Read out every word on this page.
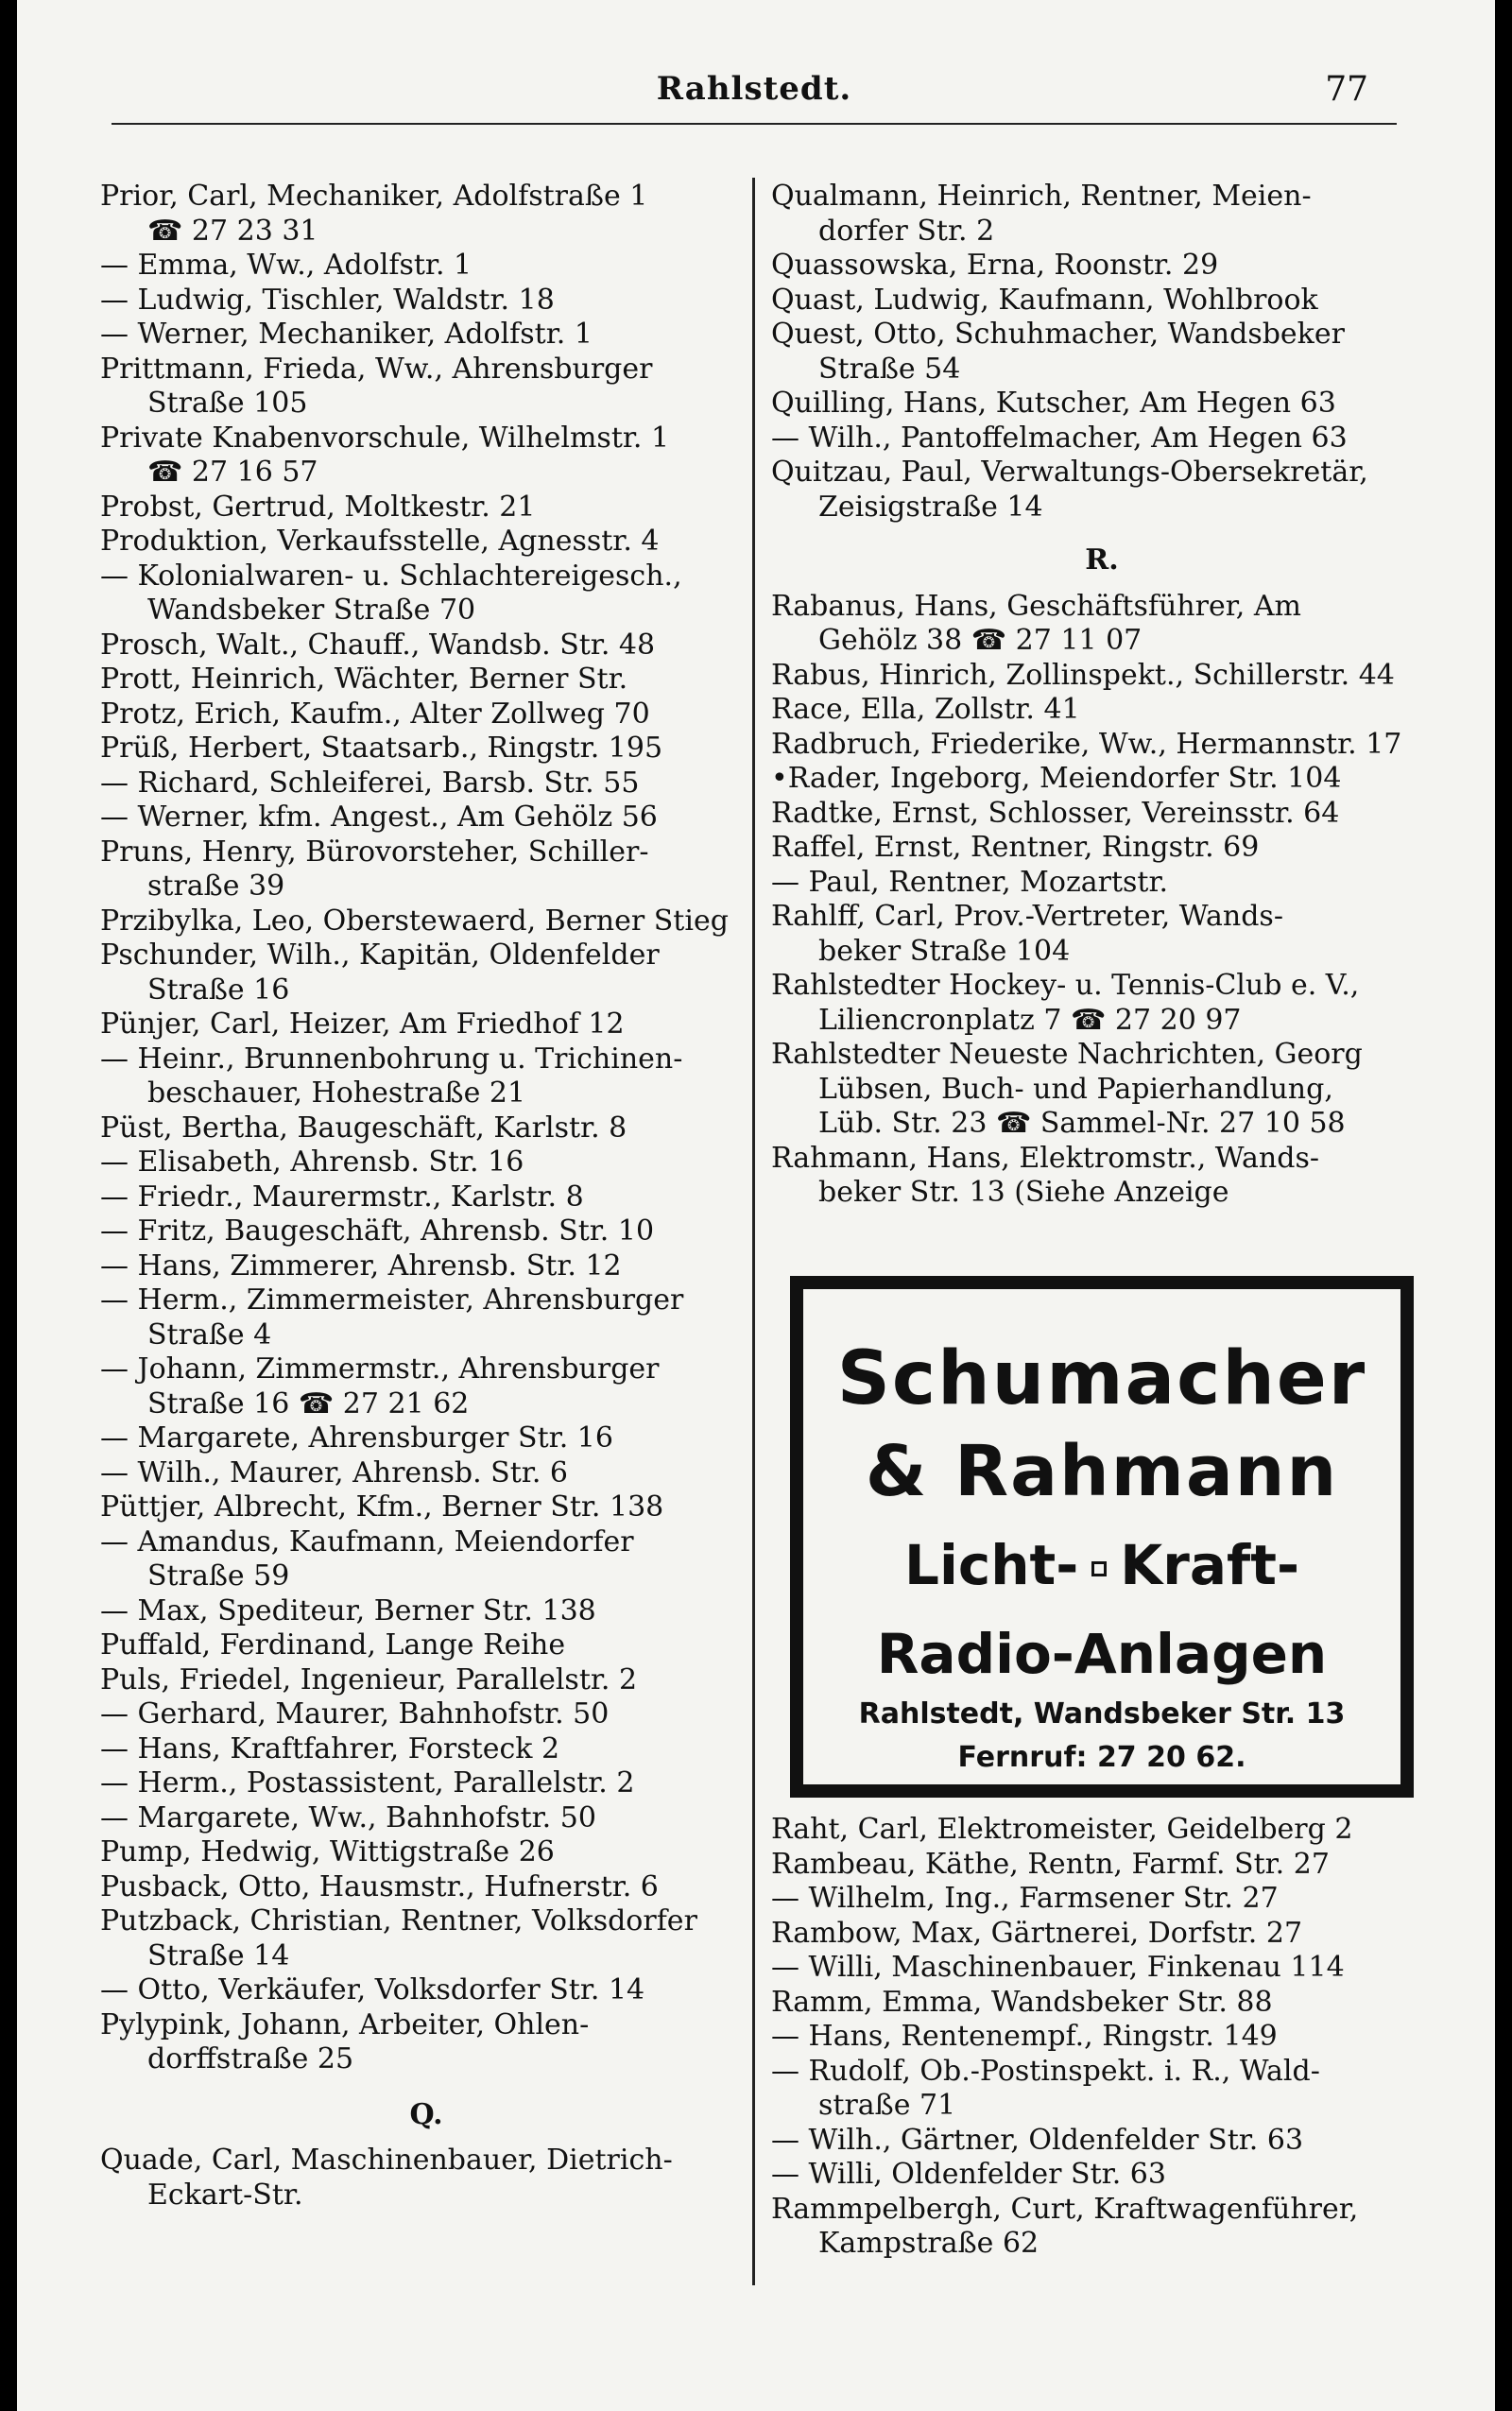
Rahlstedt.	77
Prior, Carl, Mechaniker, Adolfstraße 1
☎ 27 23 31
— Emma, Ww., Adolfstr. 1
— Ludwig, Tischler, Waldstr. 18
— Werner, Mechaniker, Adolfstr. 1
Prittmann, Frieda, Ww., Ahrensburger
Straße 105
Private Knabenvorschule, Wilhelmstr. 1
☎ 27 16 57
Probst, Gertrud, Moltkestr. 21
Produktion, Verkaufsstelle, Agnesstr. 4
— Kolonialwaren- u. Schlachtereigesch.,
Wandsbeker Straße 70
Prosch, Walt., Chauff., Wandsb. Str. 48
Prott, Heinrich, Wächter, Berner Str.
Protz, Erich, Kaufm., Alter Zollweg 70
Prüß, Herbert, Staatsarb., Ringstr. 195
— Richard, Schleiferei, Barsb. Str. 55
— Werner, kfm. Angest., Am Gehölz 56
Pruns, Henry, Bürovorsteher, Schiller-
straße 39
Przibylka, Leo, Oberstewaerd, Berner Stieg
Pschunder, Wilh., Kapitän, Oldenfelder
Straße 16
Pünjer, Carl, Heizer, Am Friedhof 12
— Heinr., Brunnenbohrung u. Trichinen-
beschauer, Hohestraße 21
Püst, Bertha, Baugeschäft, Karlstr. 8
— Elisabeth, Ahrensb. Str. 16
— Friedr., Maurermstr., Karlstr. 8
— Fritz, Baugeschäft, Ahrensb. Str. 10
— Hans, Zimmerer, Ahrensb. Str. 12
— Herm., Zimmermeister, Ahrensburger
Straße 4
— Johann, Zimmermstr., Ahrensburger
Straße 16 ☎ 27 21 62
— Margarete, Ahrensburger Str. 16
— Wilh., Maurer, Ahrensb. Str. 6
Püttjer, Albrecht, Kfm., Berner Str. 138
— Amandus, Kaufmann, Meiendorfer
Straße 59
— Max, Spediteur, Berner Str. 138
Puffald, Ferdinand, Lange Reihe
Puls, Friedel, Ingenieur, Parallelstr. 2
— Gerhard, Maurer, Bahnhofstr. 50
— Hans, Kraftfahrer, Forsteck 2
— Herm., Postassistent, Parallelstr. 2
— Margarete, Ww., Bahnhofstr. 50
Pump, Hedwig, Wittigstraße 26
Pusback, Otto, Hausmstr., Hufnerstr. 6
Putzback, Christian, Rentner, Volksdorfer
Straße 14
— Otto, Verkäufer, Volksdorfer Str. 14
Pylypink, Johann, Arbeiter, Ohlen-
dorffstraße 25
Q.
Quade, Carl, Maschinenbauer, Dietrich-
Eckart-Str.
Qualmann, Heinrich, Rentner, Meien-
dorfer Str. 2
Quassowska, Erna, Roonstr. 29
Quast, Ludwig, Kaufmann, Wohlbrook
Quest, Otto, Schuhmacher, Wandsbeker
Straße 54
Quilling, Hans, Kutscher, Am Hegen 63
— Wilh., Pantoffelmacher, Am Hegen 63
Quitzau, Paul, Verwaltungs-Obersekretär,
Zeisigstraße 14
R.
Rabanus, Hans, Geschäftsführer, Am
Gehölz 38 ☎ 27 11 07
Rabus, Hinrich, Zollinspekt., Schillerstr. 44
Race, Ella, Zollstr. 41
Radbruch, Friederike, Ww., Hermannstr. 17
•Rader, Ingeborg, Meiendorfer Str. 104
Radtke, Ernst, Schlosser, Vereinsstr. 64
Raffel, Ernst, Rentner, Ringstr. 69
— Paul, Rentner, Mozartstr.
Rahlff, Carl, Prov.-Vertreter, Wands-
beker Straße 104
Rahlstedter Hockey- u. Tennis-Club e. V.,
Liliencronplatz 7 ☎ 27 20 97
Rahlstedter Neueste Nachrichten, Georg
Lübsen, Buch- und Papierhandlung,
Lüb. Str. 23 ☎ Sammel-Nr. 27 10 58
Rahmann, Hans, Elektromstr., Wands-
beker Str. 13 (Siehe Anzeige
Schumacher
& Rahmann
Licht- Kraft-
Radio-Anlagen
Rahlstedt, Wandsbeker Str. 13
Fernruf: 27 20 62.
Raht, Carl, Elektromeister, Geidelberg 2
Rambeau, Käthe, Rentn, Farmf. Str. 27
— Wilhelm, Ing., Farmsener Str. 27
Rambow, Max, Gärtnerei, Dorfstr. 27
— Willi, Maschinenbauer, Finkenau 114
Ramm, Emma, Wandsbeker Str. 88
— Hans, Rentenempf., Ringstr. 149
— Rudolf, Ob.-Postinspekt. i. R., Wald-
straße 71
— Wilh., Gärtner, Oldenfelder Str. 63
— Willi, Oldenfelder Str. 63
Rammpelbergh, Curt, Kraftwagenführer,
Kampstraße 62
